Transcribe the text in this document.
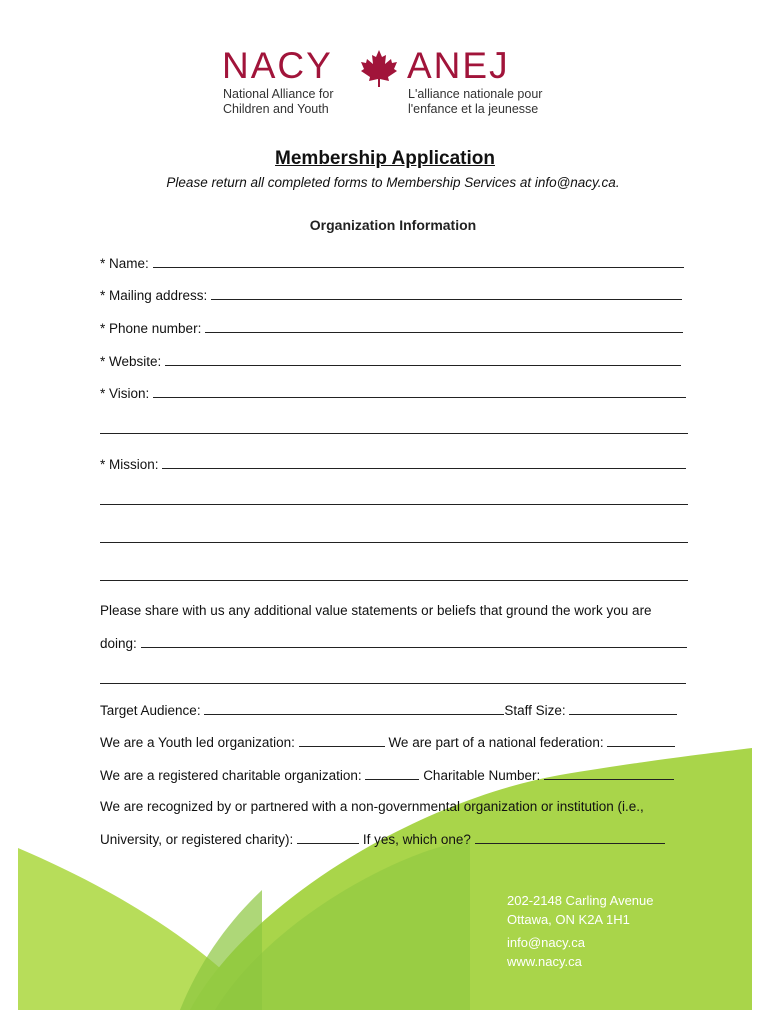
NACY ANEJ
National Alliance for
Children and Youth
L'alliance nationale pour
l'enfance et la jeunesse
Membership Application
Please return all completed forms to Membership Services at info@nacy.ca.
Organization Information
* Name:
* Mailing address:
* Phone number:
* Website:
* Vision:
* Mission:
Please share with us any additional value statements or beliefs that ground the work you are
doing:
Target Audience:	Staff Size:
We are a Youth led organization:	We are part of a national federation:
We are a registered charitable organization:	Charitable Number:
We are recognized by or partnered with a non-governmental organization or institution (i.e.,
University, or registered charity):	If yes, which one?
202-2148 Carling Avenue
Ottawa, ON K2A 1H1
info@nacy.ca
www.nacy.ca
